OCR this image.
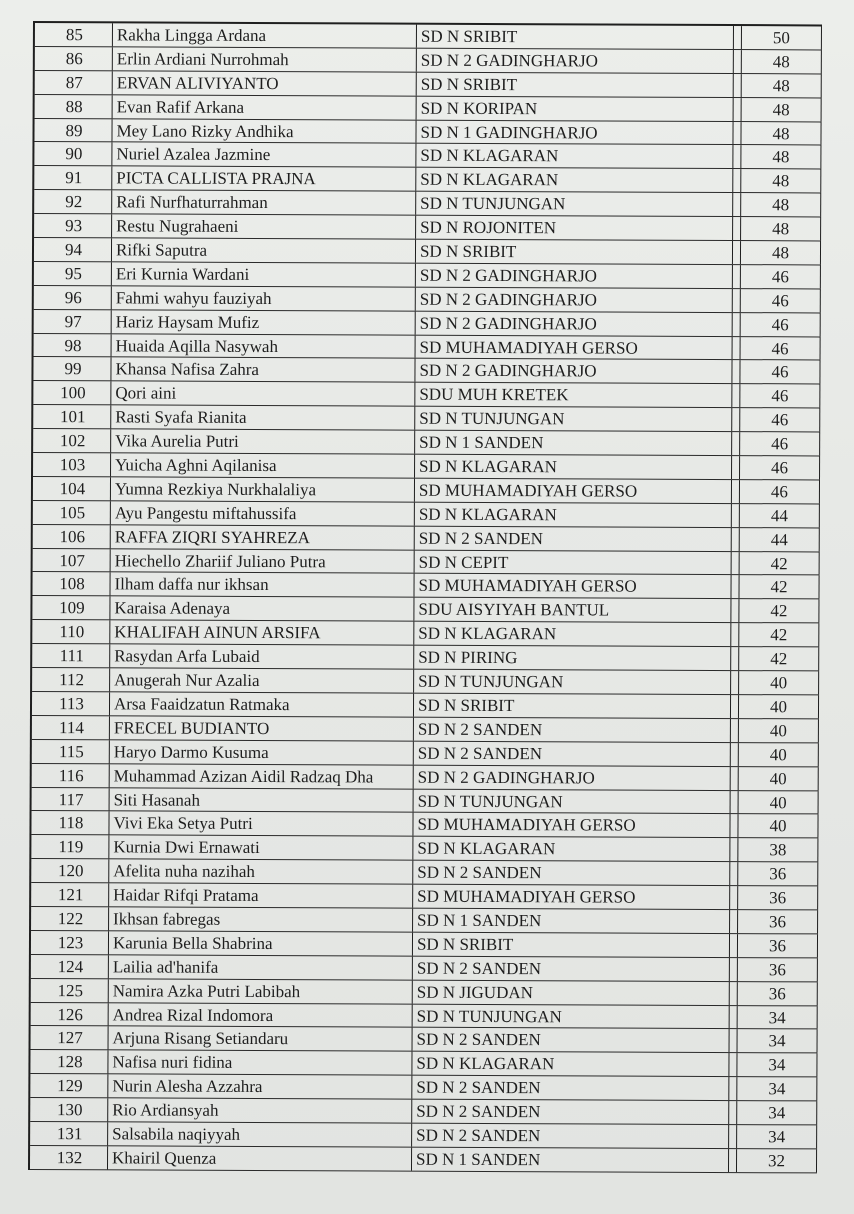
85	Rakha Lingga Ardana	SD N SRIBIT	50
86	Erlin Ardiani Nurrohmah	SD N 2 GADINGHARJO	48
87	ERVAN ALIVIYANTO	SD N SRIBIT	48
88	Evan Rafif Arkana	SD N KORIPAN	48
89	Mey Lano Rizky Andhika	SD N 1 GADINGHARJO	48
90	Nuriel Azalea Jazmine	SD N KLAGARAN	48
91	PICTA CALLISTA PRAJNA	SD N KLAGARAN	48
92	Rafi Nurfhaturrahman	SD N TUNJUNGAN	48
93	Restu Nugrahaeni	SD N ROJONITEN	48
94	Rifki Saputra	SD N SRIBIT	48
95	Eri Kurnia Wardani	SD N 2 GADINGHARJO	46
96	Fahmi wahyu fauziyah	SD N 2 GADINGHARJO	46
97	Hariz Haysam Mufiz	SD N 2 GADINGHARJO	46
98	Huaida Aqilla Nasywah	SD MUHAMADIYAH GERSO	46
99	Khansa Nafisa Zahra	SD N 2 GADINGHARJO	46
100	Qori aini	SDU MUH KRETEK	46
101	Rasti Syafa Rianita	SD N TUNJUNGAN	46
102	Vika Aurelia Putri	SD N 1 SANDEN	46
103	Yuicha Aghni Aqilanisa	SD N KLAGARAN	46
104	Yumna Rezkiya Nurkhalaliya	SD MUHAMADIYAH GERSO	46
105	Ayu Pangestu miftahussifa	SD N KLAGARAN	44
106	RAFFA ZIQRI SYAHREZA	SD N 2 SANDEN	44
107	Hiechello Zhariif Juliano Putra	SD N CEPIT	42
108	Ilham daffa nur ikhsan	SD MUHAMADIYAH GERSO	42
109	Karaisa Adenaya	SDU AISYIYAH BANTUL	42
110	KHALIFAH AINUN ARSIFA	SD N KLAGARAN	42
111	Rasydan Arfa Lubaid	SD N PIRING	42
112	Anugerah Nur Azalia	SD N TUNJUNGAN	40
113	Arsa Faaidzatun Ratmaka	SD N SRIBIT	40
114	FRECEL BUDIANTO	SD N 2 SANDEN	40
115	Haryo Darmo Kusuma	SD N 2 SANDEN	40
116	Muhammad Azizan Aidil Radzaq Dha	SD N 2 GADINGHARJO	40
117	Siti Hasanah	SD N TUNJUNGAN	40
118	Vivi Eka Setya Putri	SD MUHAMADIYAH GERSO	40
119	Kurnia Dwi Ernawati	SD N KLAGARAN	38
120	Afelita nuha nazihah	SD N 2 SANDEN	36
121	Haidar Rifqi Pratama	SD MUHAMADIYAH GERSO	36
122	Ikhsan fabregas	SD N 1 SANDEN	36
123	Karunia Bella Shabrina	SD N SRIBIT	36
124	Lailia ad'hanifa	SD N 2 SANDEN	36
125	Namira Azka Putri Labibah	SD N JIGUDAN	36
126	Andrea Rizal Indomora	SD N TUNJUNGAN	34
127	Arjuna Risang Setiandaru	SD N 2 SANDEN	34
128	Nafisa nuri fidina	SD N KLAGARAN	34
129	Nurin Alesha Azzahra	SD N 2 SANDEN	34
130	Rio Ardiansyah	SD N 2 SANDEN	34
131	Salsabila naqiyyah	SD N 2 SANDEN	34
132	Khairil Quenza	SD N 1 SANDEN	32
